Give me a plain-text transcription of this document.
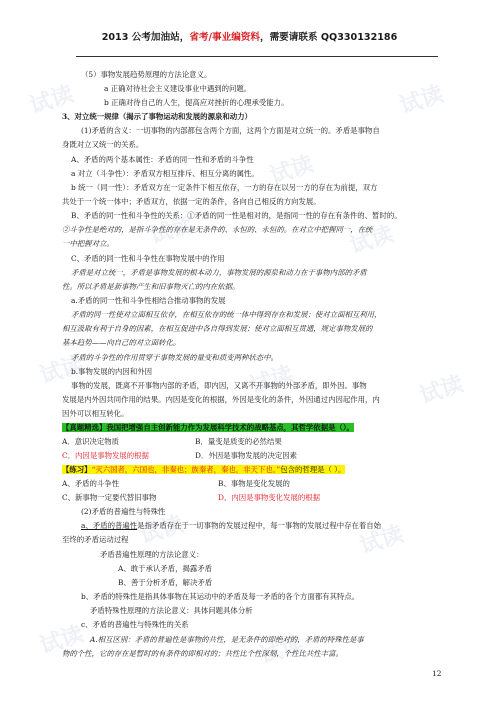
试读	试读
试读	试读
试读	试读	试读
试读	试读
试读	试读
试读
2013 公考加油站，省考/事业编资料，需要请联系 QQ330132186
（5）事物发展趋势原理的方法论意义。
a 正确对待社会主义建设事业中遇到的问题。
b 正确对待自己的人生，提高应对挫折的心理承受能力。
3、对立统一规律（揭示了事物运动和发展的源泉和动力）
(1)矛盾的含义：一切事物的内部都包含两个方面，这两个方面是对立统一的。矛盾是事物自
身既对立又统一的关系。
A、矛盾的两个基本属性：矛盾的同一性和矛盾的斗争性
a 对立（斗争性）：矛盾双方相互排斥、相互分离的属性。
b 统一（同一性）：矛盾双方在一定条件下相互依存，一方的存在以另一方的存在为前提，双方
共处于一个统一体中；矛盾双方，依据一定的条件，各向自己相反的方向发展。
B、矛盾的同一性和斗争性的关系：①矛盾的同一性是相对的，是指同一性的存在有条件的、暂时的。
②斗争性是绝对的，是指斗争性的存在是无条件的、永恒的、永恒的。在对立中把握同一，在统
一中把握对立。
C、矛盾的同一性和斗争性在事物发展中的作用
矛盾是对立统一，矛盾是事物发展的根本动力，事物发展的源泉和动力在于事物内部的矛盾
性。所以矛盾是新事物产生和旧事物灭亡的内在依据。
a.矛盾的同一性和斗争性相结合推动事物的发展
矛盾的同一性使对立面相互依存，在相互依存的统一体中得到存在和发展；使对立面相互利用，
相互汲取有利于自身的因素，在相互促进中各自得到发展；使对立面相互贯通，规定事物发展的
基本趋势——向自己的对立面转化。
矛盾的斗争性的作用贯穿于事物发展的量变和质变两种状态中。
b.事物发展的内因和外因
事物的发展，既离不开事物内部的矛盾，即内因，又离不开事物的外部矛盾，即外因。事物
发展是内外因共同作用的结果。内因是变化的根据，外因是变化的条件，外因通过内因起作用，内
因外可以相互转化。
【真题精选】我国把增强自主创新能力作为发展科学技术的战略基点，其哲学依据是（）。
A．意识决定物质	B．量变是质变的必然结果
C．内因是事物发展的根据	D．外因是事物发展的决定因素
【练习】“灭六国者，六国也，非秦也；族秦者，秦也，非天下也。”包含的哲理是（ ）。
A、矛盾的斗争性	B、事物是变化发展的
C、新事物一定要代替旧事物	D、内因是事物变化发展的根据
(2)矛盾的普遍性与特殊性
a、矛盾的普遍性是指矛盾存在于一切事物的发展过程中，每一事物的发展过程中存在着自始
至终的矛盾运动过程
矛盾普遍性原理的方法论意义：
A、敢于承认矛盾，揭露矛盾
B、善于分析矛盾，解决矛盾
b、矛盾的特殊性是指具体事物在其运动中的矛盾及每一矛盾的各个方面都有其特点。
矛盾特殊性原理的方法论意义：具体问题具体分析
c、矛盾的普遍性与特殊性的关系
A.相互区别：矛盾的普遍性是事物的共性，是无条件的即绝对的，矛盾的特殊性是事
物的个性，它的存在是暂时的有条件的即相对的；共性比个性深刻，个性比共性丰富。
12
